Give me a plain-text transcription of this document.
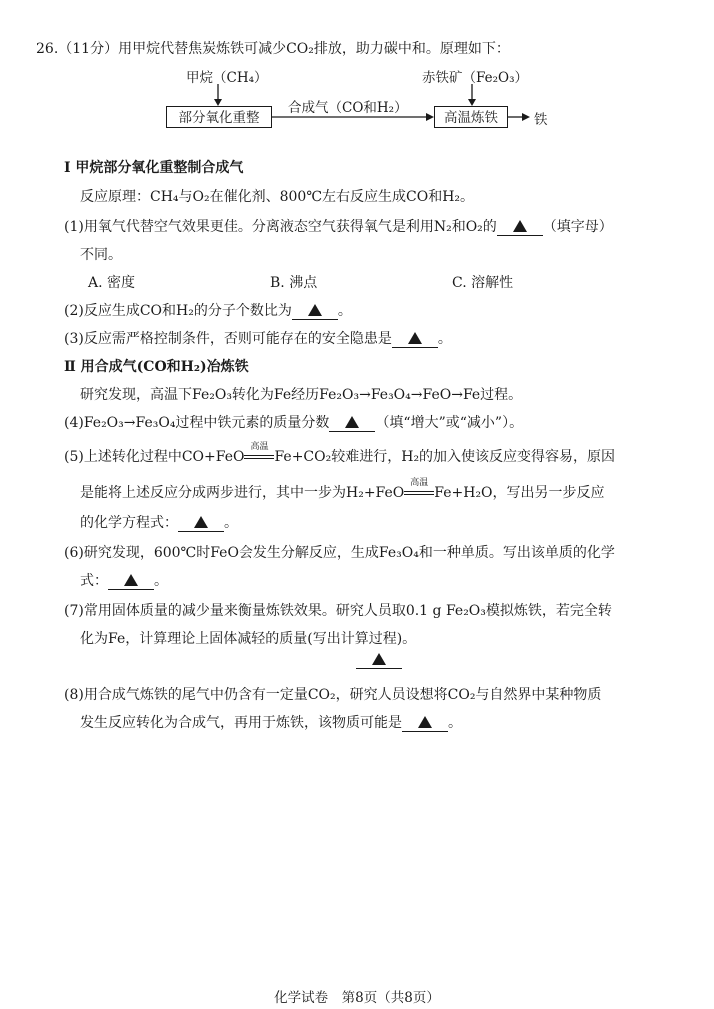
26.（11分）用甲烷代替焦炭炼铁可减少CO₂排放，助力碳中和。原理如下：
甲烷（CH₄）	赤铁矿（Fe₂O₃）
部分氧化重整
合成气（CO和H₂）
高温炼铁	铁
Ⅰ 甲烷部分氧化重整制合成气
反应原理：CH₄与O₂在催化剂、800℃左右反应生成CO和H₂。
(1)用氧气代替空气效果更佳。分离液态空气获得氧气是利用N₂和O₂的	（填字母）
不同。
A. 密度	B. 沸点	C. 溶解性
(2)反应生成CO和H₂的分子个数比为	。
(3)反应需严格控制条件，否则可能存在的安全隐患是	。
Ⅱ 用合成气(CO和H₂)冶炼铁
研究发现，高温下Fe₂O₃转化为Fe经历Fe₂O₃→Fe₃O₄→FeO→Fe过程。
(4)Fe₂O₃→Fe₃O₄过程中铁元素的质量分数	（填“增大”或“减小”）。
(5)上述转化过程中CO+FeO
高温
Fe+CO₂较难进行，H₂的加入使该反应变得容易，原因
是能将上述反应分成两步进行，其中一步为H₂+FeO
高温
Fe+H₂O，写出另一步反应
的化学方程式：	。
(6)研究发现，600℃时FeO会发生分解反应，生成Fe₃O₄和一种单质。写出该单质的化学
式：	。
(7)常用固体质量的减少量来衡量炼铁效果。研究人员取0.1 g Fe₂O₃模拟炼铁，若完全转
化为Fe，计算理论上固体减轻的质量(写出计算过程)。
(8)用合成气炼铁的尾气中仍含有一定量CO₂，研究人员设想将CO₂与自然界中某种物质
发生反应转化为合成气，再用于炼铁，该物质可能是	。
化学试卷　第8页（共8页）
